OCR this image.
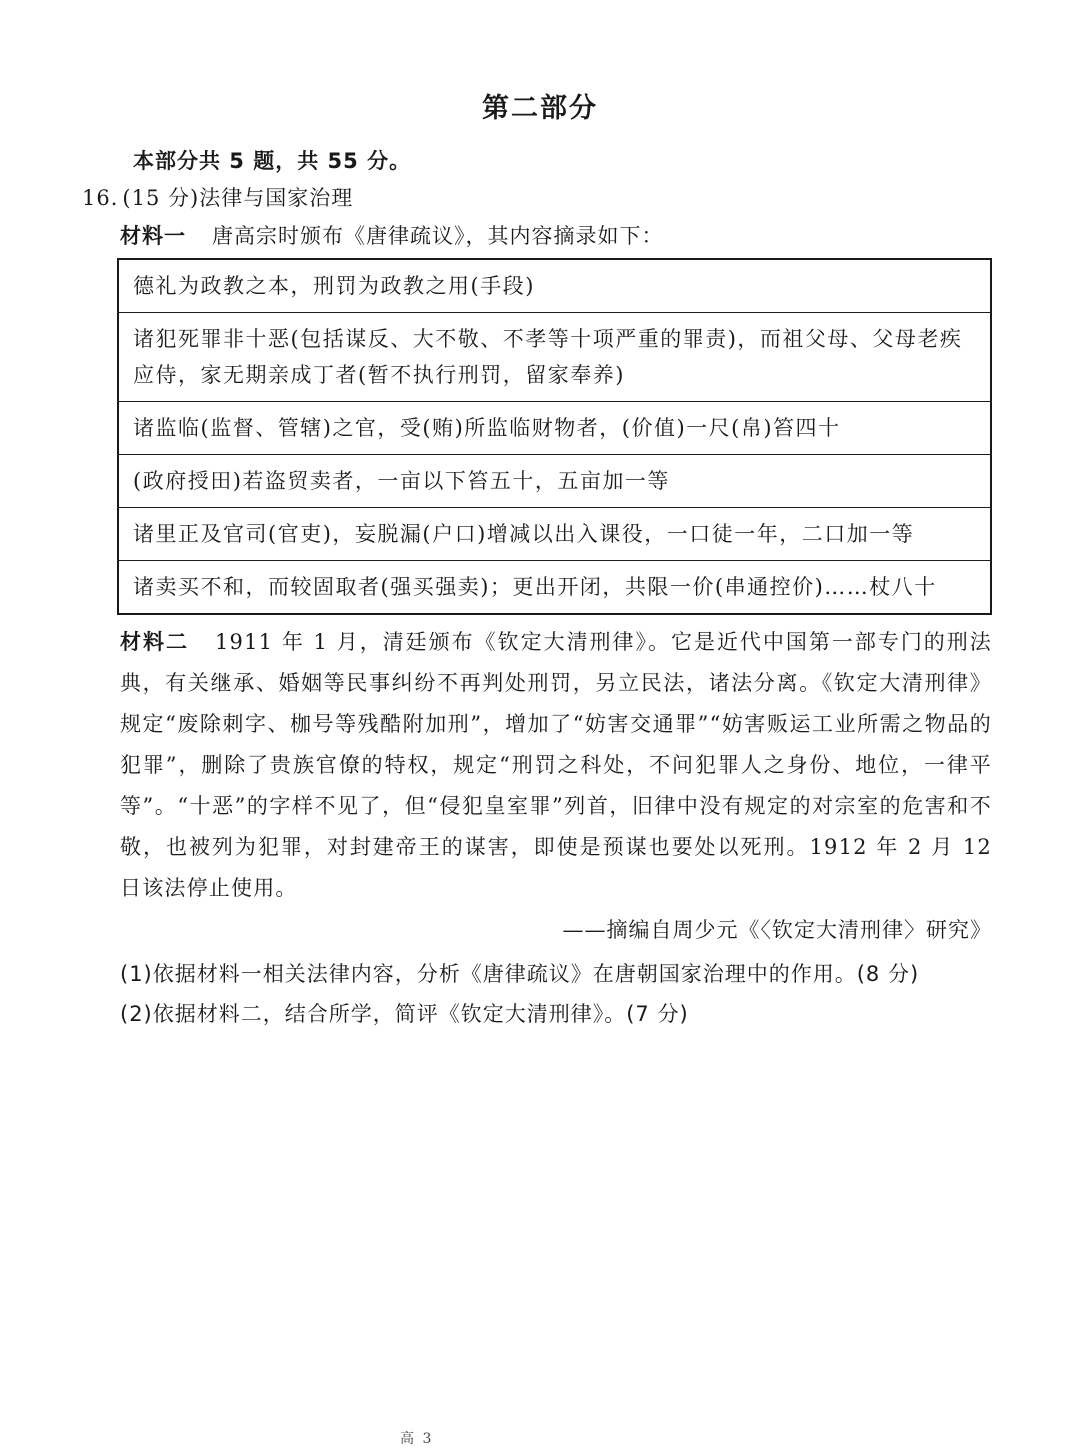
第二部分
本部分共 5 题，共 55 分。
16. (15 分)法律与国家治理
材料一 唐高宗时颁布《唐律疏议》，其内容摘录如下：
德礼为政教之本，刑罚为政教之用(手段)
诸犯死罪非十恶(包括谋反、大不敬、不孝等十项严重的罪责)，而祖父母、父母老疾应侍，家无期亲成丁者(暂不执行刑罚，留家奉养)
诸监临(监督、管辖)之官，受(贿)所监临财物者，(价值)一尺(帛)笞四十
(政府授田)若盗贸卖者，一亩以下笞五十，五亩加一等
诸里正及官司(官吏)，妄脱漏(户口)增减以出入课役，一口徒一年，二口加一等
诸卖买不和，而较固取者(强买强卖)；更出开闭，共限一价(串通控价)……杖八十
材料二 1911 年 1 月，清廷颁布《钦定大清刑律》。它是近代中国第一部专门的刑法典，有关继承、婚姻等民事纠纷不再判处刑罚，另立民法，诸法分离。《钦定大清刑律》规定“废除刺字、枷号等残酷附加刑”，增加了“妨害交通罪”“妨害贩运工业所需之物品的犯罪”，删除了贵族官僚的特权，规定“刑罚之科处，不问犯罪人之身份、地位，一律平等”。“十恶”的字样不见了，但“侵犯皇室罪”列首，旧律中没有规定的对宗室的危害和不敬，也被列为犯罪，对封建帝王的谋害，即使是预谋也要处以死刑。1912 年 2 月 12 日该法停止使用。
——摘编自周少元《〈钦定大清刑律〉研究》
(1)依据材料一相关法律内容，分析《唐律疏议》在唐朝国家治理中的作用。(8 分)
(2)依据材料二，结合所学，简评《钦定大清刑律》。(7 分)
高 3
